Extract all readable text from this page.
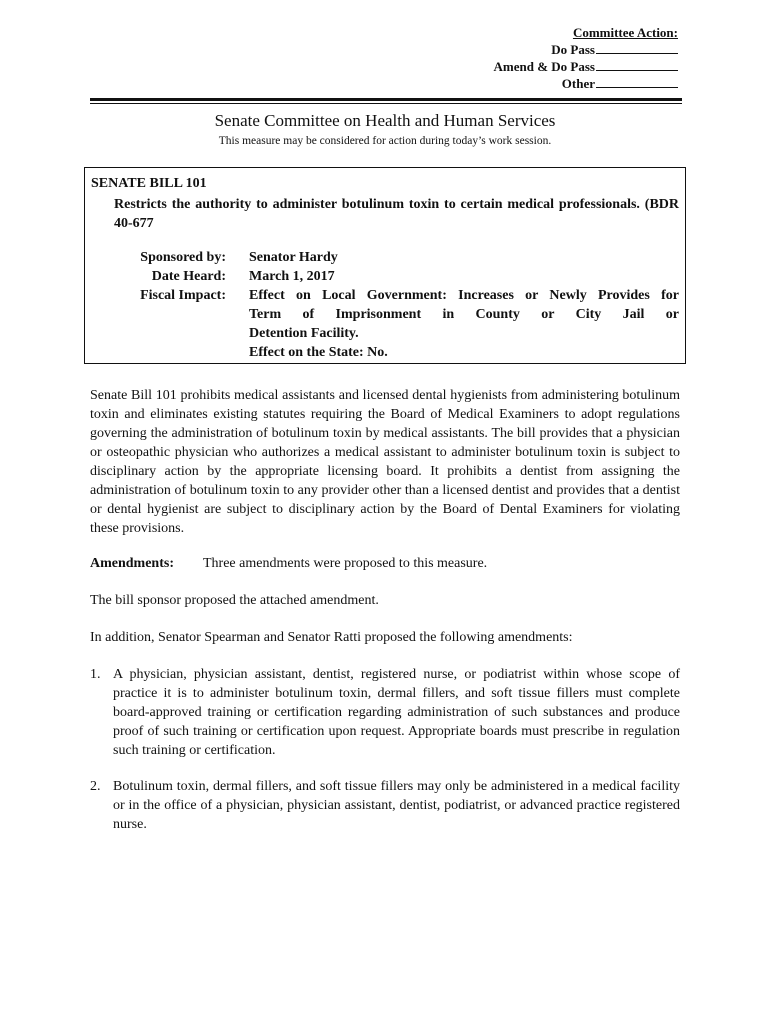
Committee Action:
Do Pass
Amend & Do Pass
Other
Senate Committee on Health and Human Services
This measure may be considered for action during today’s work session.
SENATE BILL 101
Restricts the authority to administer botulinum toxin to certain medical professionals. (BDR 40-677
Sponsored by: Senator Hardy
Date Heard: March 1, 2017
Fiscal Impact: Effect on Local Government: Increases or Newly Provides for
Term of Imprisonment in County or City Jail or
Detention Facility.
Effect on the State: No.
Senate Bill 101 prohibits medical assistants and licensed dental hygienists from administering botulinum toxin and eliminates existing statutes requiring the Board of Medical Examiners to adopt regulations governing the administration of botulinum toxin by medical assistants. The bill provides that a physician or osteopathic physician who authorizes a medical assistant to administer botulinum toxin is subject to disciplinary action by the appropriate licensing board. It prohibits a dentist from assigning the administration of botulinum toxin to any provider other than a licensed dentist and provides that a dentist or dental hygienist are subject to disciplinary action by the Board of Dental Examiners for violating these provisions.
Amendments: Three amendments were proposed to this measure.
The bill sponsor proposed the attached amendment.
In addition, Senator Spearman and Senator Ratti proposed the following amendments:
1. A physician, physician assistant, dentist, registered nurse, or podiatrist within whose scope of practice it is to administer botulinum toxin, dermal fillers, and soft tissue fillers must complete board-approved training or certification regarding administration of such substances and produce proof of such training or certification upon request. Appropriate boards must prescribe in regulation such training or certification.
2. Botulinum toxin, dermal fillers, and soft tissue fillers may only be administered in a medical facility or in the office of a physician, physician assistant, dentist, podiatrist, or advanced practice registered nurse.
